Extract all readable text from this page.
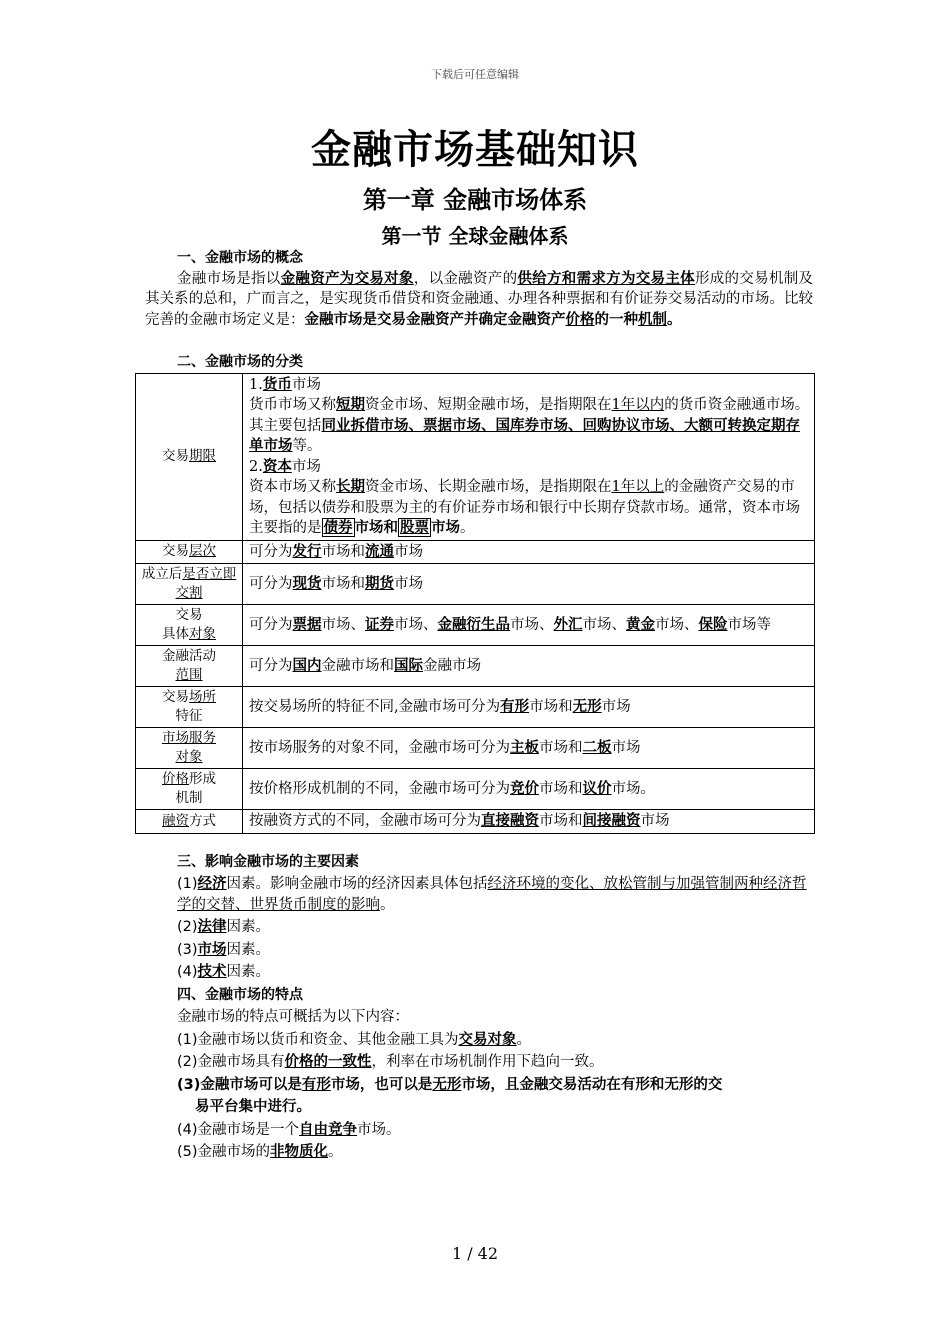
下载后可任意编辑
金融市场基础知识
第一章 金融市场体系
第一节 全球金融体系
一、金融市场的概念

金融市场是指以金融资产为交易对象，以金融资产的供给方和需求方为交易主体形成的交易机制及其关系的总和，广而言之，是实现货币借贷和资金融通、办理各种票据和有价证券交易活动的市场。比较完善的金融市场定义是：金融市场是交易金融资产并确定金融资产价格的一种机制。

二、金融市场的分类
交易期限	1.货币市场
货币市场又称短期资金市场、短期金融市场，是指期限在1年以内的货币资金融通市场。其主要包括同业拆借市场、票据市场、国库券市场、回购协议市场、大额可转换定期存单市场等。
2.资本市场
资本市场又称长期资金市场、长期金融市场，是指期限在1年以上的金融资产交易的市场，包括以债券和股票为主的有价证券市场和银行中长期存贷款市场。通常，资本市场主要指的是 债券 市场和 股票 市场。

交易层次	可分为发行市场和流通市场
成立后是否立即交割	可分为现货市场和期货市场
交易
具体对象	可分为票据市场、证券市场、金融衍生品市场、外汇市场、黄金市场、保险市场等
金融活动
范围	可分为国内金融市场和国际金融市场
交易场所
特征	按交易场所的特征不同,金融市场可分为有形市场和无形市场
市场服务
对象	按市场服务的对象不同，金融市场可分为主板市场和二板市场
价格形成
机制	按价格形成机制的不同，金融市场可分为竞价市场和议价市场。
融资方式	按融资方式的不同，金融市场可分为直接融资市场和间接融资市场
三、影响金融市场的主要因素
(1)经济因素。影响金融市场的经济因素具体包括经济环境的变化、放松管制与加强管制两种经济哲学的交替、世界货币制度的影响。
(2)法律因素。
(3)市场因素。
(4)技术因素。
四、金融市场的特点
金融市场的特点可概括为以下内容：
(1)金融市场以货币和资金、其他金融工具为交易对象。
(2)金融市场具有价格的一致性，利率在市场机制作用下趋向一致。
(3)金融市场可以是有形市场，也可以是无形市场，且金融交易活动在有形和无形的交
易平台集中进行。
(4)金融市场是一个自由竞争市场。
(5)金融市场的非物质化。
1 / 42
